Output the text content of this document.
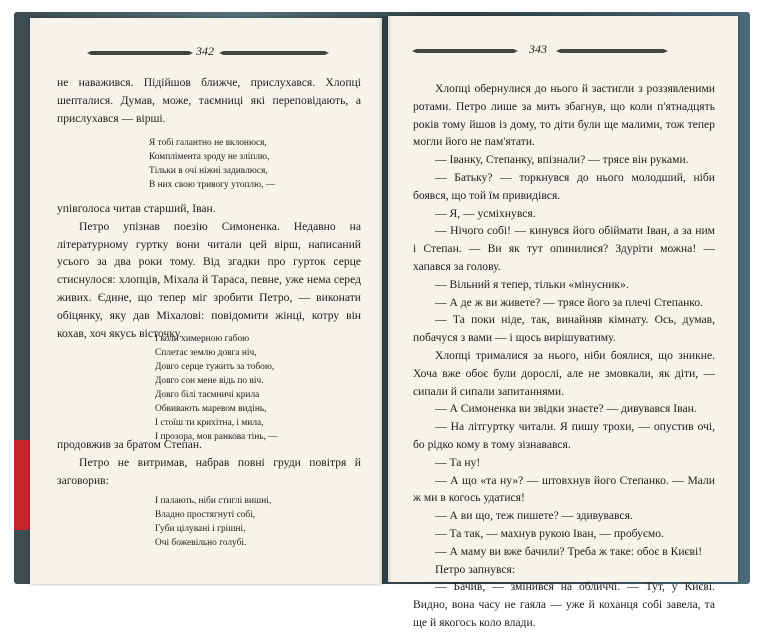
342
не наважився. Підійшов ближче, прислухався. Хлопці шепталися. Думав, може, таємниці які переповідають, а прислухався — вірші.
Я тобі галантно не вклонюся,
Компліментa зроду не зліплю,
Тільки в очі ніжні задивлюся,
В них свою тривогу утоплю, —
упівголоса читав старший, Іван.
Петро упізнав поезію Симоненка. Недавно на літературному гуртку вони читали цей вірш, написаний усього за два роки тому. Від згадки про гурток серце стиснулося: хлопців, Міхала й Тараса, певне, уже нема серед живих. Єдине, що тепер міг зробити Петро, — виконати обіцянку, яку дав Міхалові: повідомити жінці, котру він кохав, хоч якусь вісточку.
І коли химерною габою
Сплетає землю довга ніч,
Довго серце тужить за тобою,
Довго сон мене відь по віч.
Довго білі таємничі крила
Обвивають маревом видінь,
І стоїш ти крихітна, і мила,
І прозора, мов ранкова тінь, —
продовжив за братом Степан.
Петро не витримав, набрав повні груди повітря й заговорив:
І палають, ніби стиглі вишні,
Владно простягнуті собі,
Губи цілувані і грішні,
Очі божевільно голубі.
343
Хлопці обернулися до нього й застигли з роззявленими ротами. Петро лише за мить збагнув, що коли п'ятнадцять років тому йшов із дому, то діти були ще малими, тож тепер могли його не пам'ятати.
— Іванку, Степанку, впізнали? — трясе він руками.
— Батьку? — торкнувся до нього молодший, ніби боявся, що той їм привидівся.
— Я, — усміхнувся.
— Нічого собі! — кинувся його обіймати Іван, а за ним і Степан. — Ви як тут опинилися? Здуріти можна! — хапався за голову.
— Вільний я тепер, тільки «мінусник».
— А де ж ви живете? — трясе його за плечі Степанко.
— Та поки ніде, так, винайняв кімнату. Ось, думав, побачуся з вами — і щось вирішуватиму.
Хлопці трималися за нього, ніби боялися, що зникне. Хоча вже обоє були дорослі, але не змовкали, як діти, — сипали й сипали запитаннями.
— А Симоненка ви звідки знаєте? — дивувався Іван.
— На літгуртку читали. Я пишу трохи, — опустив очі, бо рідко кому в тому зізнавався.
— Та ну!
— А що «та ну»? — штовхнув його Степанко. — Мали ж ми в когось удатися!
— А ви що, теж пишете? — здивувався.
— Та так, — махнув рукою Іван, — пробуємо.
— А маму ви вже бачили? Треба ж таке: обоє в Києві!
Петро запнувся:
— Бачив, — змінився на обличчі. — Тут, у Києві. Видно, вона часу не гаяла — уже й коханця собі завела, та ще й якогось коло влади.
